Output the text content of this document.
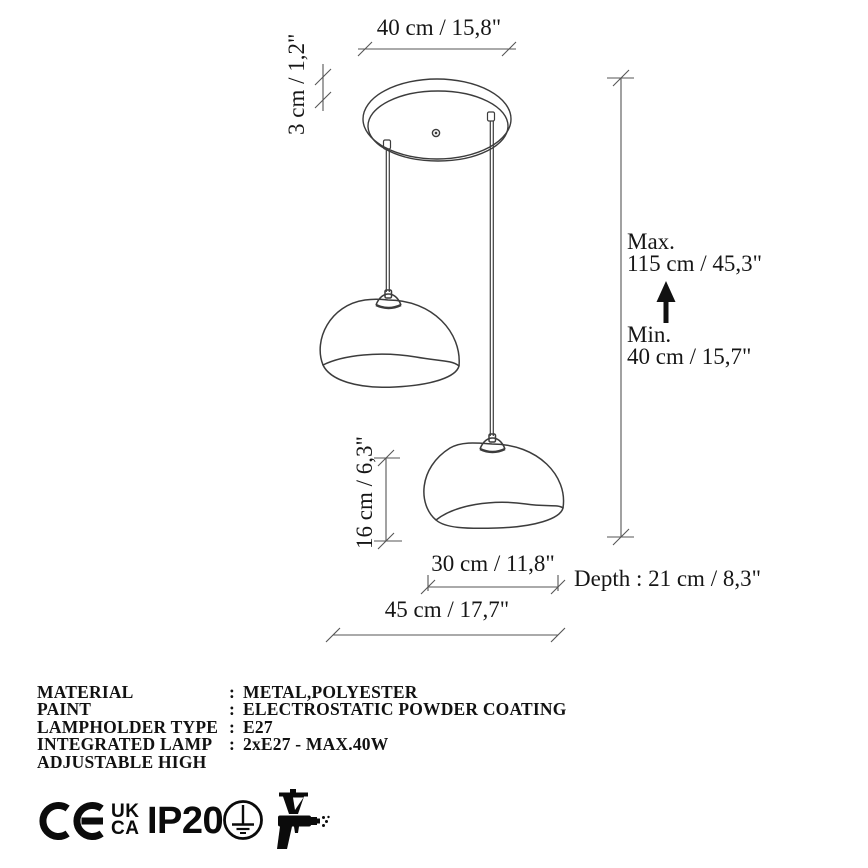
40 cm / 15,8"
3 cm / 1,2"
Max.
115 cm / 45,3"
Min.
40 cm / 15,7"
16 cm / 6,3"
30 cm / 11,8"
Depth : 21 cm / 8,3"
45 cm / 17,7"
MATERIAL	: METAL,POLYESTER
PAINT	: ELECTROSTATIC POWDER COATING
LAMPHOLDER TYPE : E27
INTEGRATED LAMP : 2xE27 - MAX.40W
ADJUSTABLE HIGH
UK
CA IP20
